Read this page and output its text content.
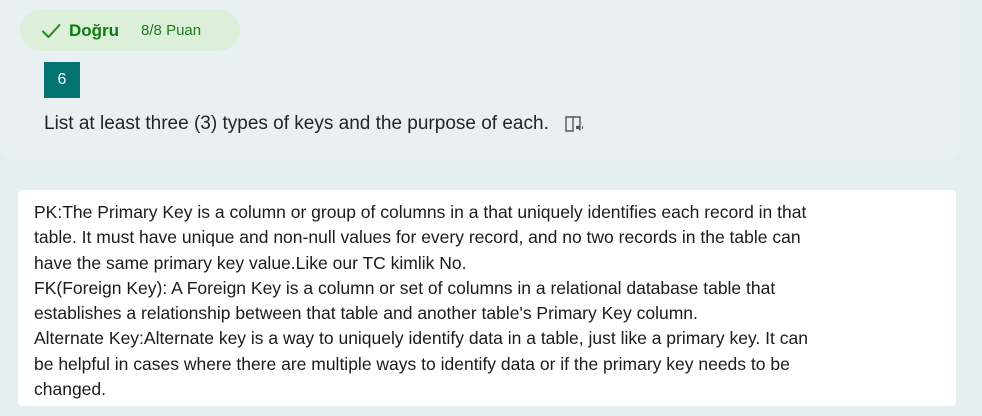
Doğru 8/8 Puan
6
List at least three (3) types of keys and the purpose of each.
PK:The Primary Key is a column or group of columns in a that uniquely identifies each record in that
table. It must have unique and non-null values for every record, and no two records in the table can
have the same primary key value.Like our TC kimlik No.
FK(Foreign Key): A Foreign Key is a column or set of columns in a relational database table that
establishes a relationship between that table and another table's Primary Key column.
Alternate Key:Alternate key is a way to uniquely identify data in a table, just like a primary key. It can
be helpful in cases where there are multiple ways to identify data or if the primary key needs to be
changed.
